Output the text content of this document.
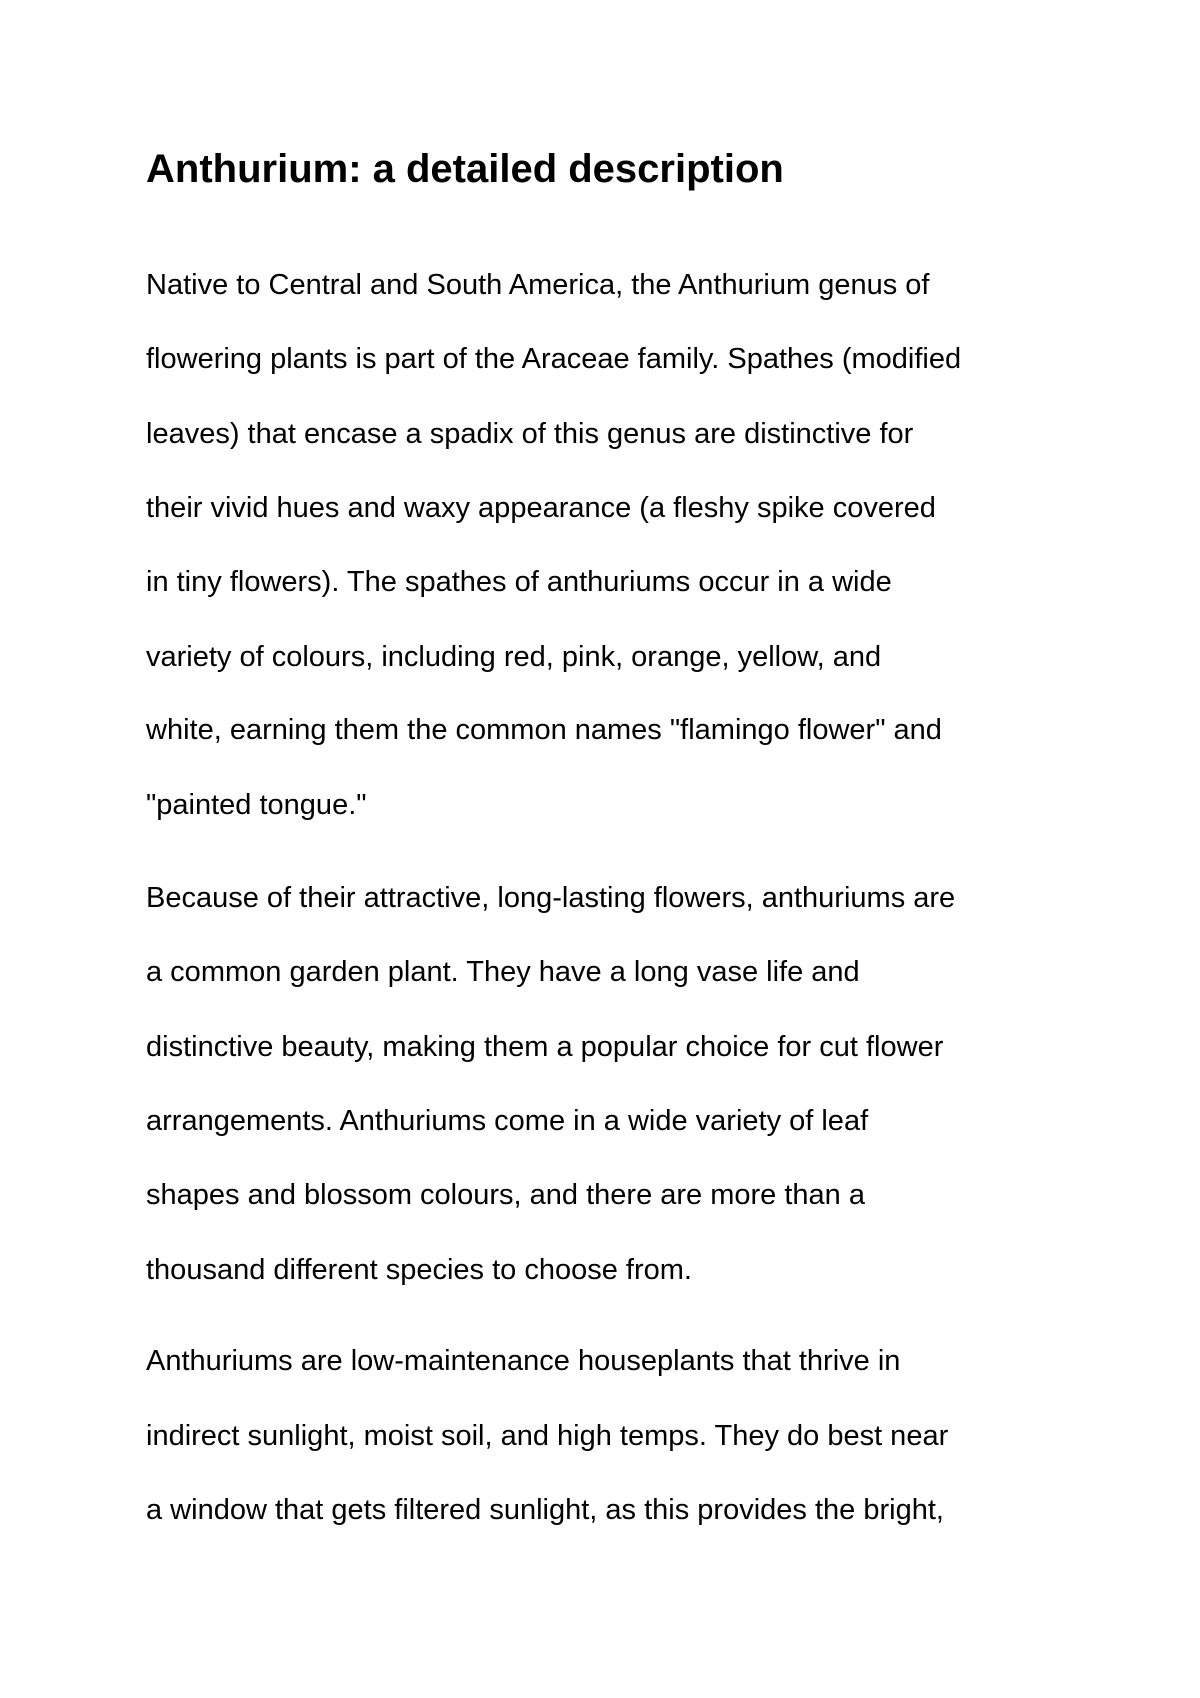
Anthurium: a detailed description

Native to Central and South America, the Anthurium genus of

flowering plants is part of the Araceae family. Spathes (modified

leaves) that encase a spadix of this genus are distinctive for

their vivid hues and waxy appearance (a fleshy spike covered

in tiny flowers). The spathes of anthuriums occur in a wide

variety of colours, including red, pink, orange, yellow, and

white, earning them the common names "flamingo flower" and

"painted tongue."

Because of their attractive, long-lasting flowers, anthuriums are

a common garden plant. They have a long vase life and

distinctive beauty, making them a popular choice for cut flower

arrangements. Anthuriums come in a wide variety of leaf

shapes and blossom colours, and there are more than a

thousand different species to choose from.

Anthuriums are low-maintenance houseplants that thrive in

indirect sunlight, moist soil, and high temps. They do best near

a window that gets filtered sunlight, as this provides the bright,
